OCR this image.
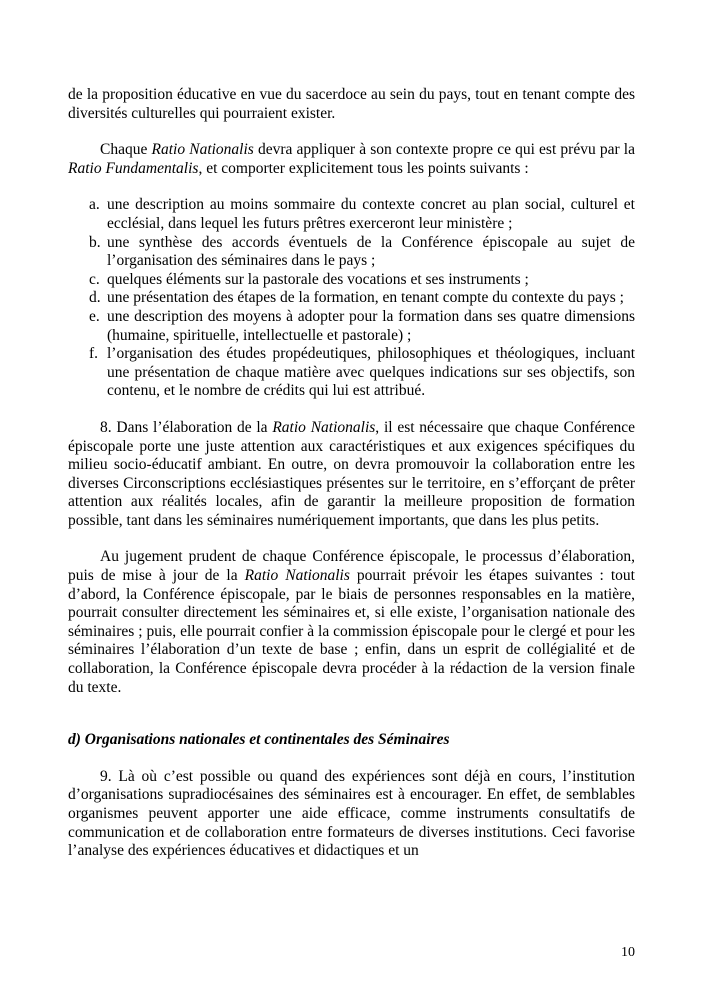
de la proposition éducative en vue du sacerdoce au sein du pays, tout en tenant compte des diversités culturelles qui pourraient exister.

Chaque Ratio Nationalis devra appliquer à son contexte propre ce qui est prévu par la Ratio Fundamentalis, et comporter explicitement tous les points suivants :

a. une description au moins sommaire du contexte concret au plan social, culturel et ecclésial, dans lequel les futurs prêtres exerceront leur ministère ;
b. une synthèse des accords éventuels de la Conférence épiscopale au sujet de l’organisation des séminaires dans le pays ;
c. quelques éléments sur la pastorale des vocations et ses instruments ;
d. une présentation des étapes de la formation, en tenant compte du contexte du pays ;
e. une description des moyens à adopter pour la formation dans ses quatre dimensions (humaine, spirituelle, intellectuelle et pastorale) ;
f. l’organisation des études propédeutiques, philosophiques et théologiques, incluant une présentation de chaque matière avec quelques indications sur ses objectifs, son contenu, et le nombre de crédits qui lui est attribué.

8. Dans l’élaboration de la Ratio Nationalis, il est nécessaire que chaque Conférence épiscopale porte une juste attention aux caractéristiques et aux exigences spécifiques du milieu socio-éducatif ambiant. En outre, on devra promouvoir la collaboration entre les diverses Circonscriptions ecclésiastiques présentes sur le territoire, en s’efforçant de prêter attention aux réalités locales, afin de garantir la meilleure proposition de formation possible, tant dans les séminaires numériquement importants, que dans les plus petits.

Au jugement prudent de chaque Conférence épiscopale, le processus d’élaboration, puis de mise à jour de la Ratio Nationalis pourrait prévoir les étapes suivantes : tout d’abord, la Conférence épiscopale, par le biais de personnes responsables en la matière, pourrait consulter directement les séminaires et, si elle existe, l’organisation nationale des séminaires ; puis, elle pourrait confier à la commission épiscopale pour le clergé et pour les séminaires l’élaboration d’un texte de base ; enfin, dans un esprit de collégialité et de collaboration, la Conférence épiscopale devra procéder à la rédaction de la version finale du texte.

d) Organisations nationales et continentales des Séminaires

9. Là où c’est possible ou quand des expériences sont déjà en cours, l’institution d’organisations supradiocésaines des séminaires est à encourager. En effet, de semblables organismes peuvent apporter une aide efficace, comme instruments consultatifs de communication et de collaboration entre formateurs de diverses institutions. Ceci favorise l’analyse des expériences éducatives et didactiques et un

10
